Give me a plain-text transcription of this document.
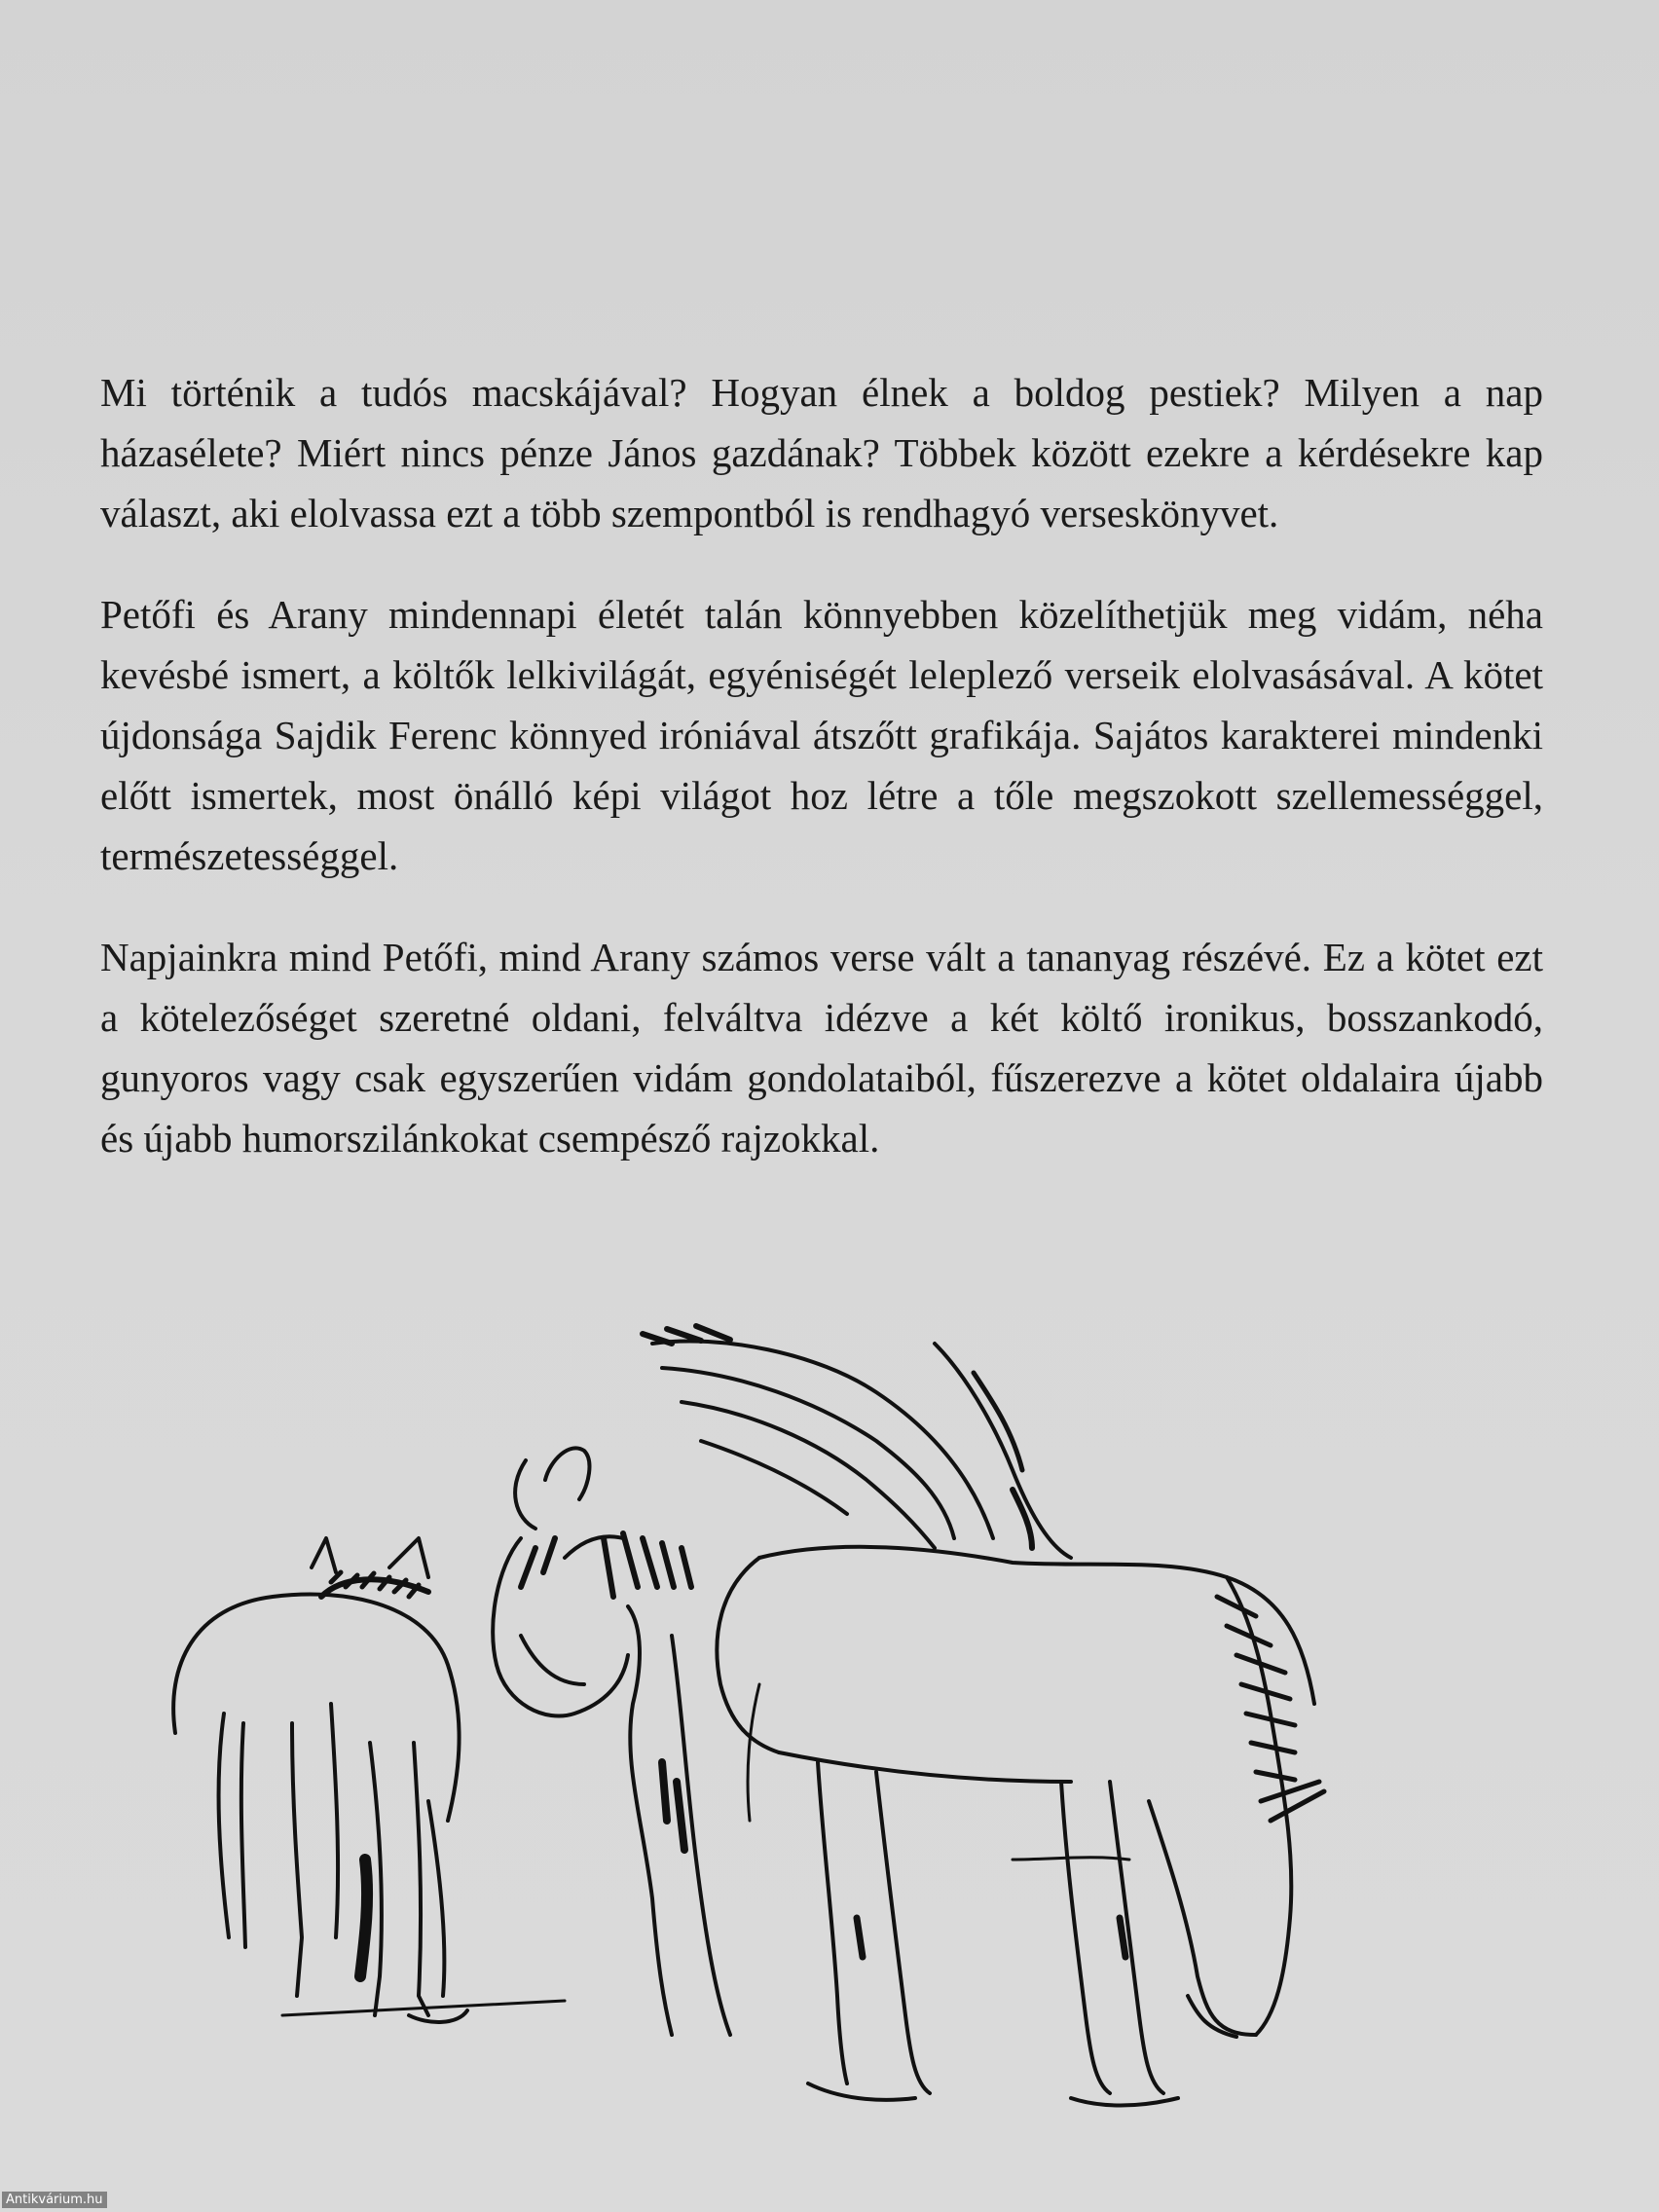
Mi történik a tudós macskájával? Hogyan élnek a boldog pestiek? Milyen a nap házasélete? Miért nincs pénze János gazdának? Többek között ezekre a kérdésekre kap választ, aki elolvassa ezt a több szempontból is rendhagyó verseskönyvet.

Petőfi és Arany mindennapi életét talán könnyebben közelíthetjük meg vidám, néha kevésbé ismert, a költők lelkivilágát, egyéniségét leleplező verseik elolvasásával. A kötet újdonsága Sajdik Ferenc könnyed iróniával átszőtt grafikája. Sajátos karakterei mindenki előtt ismertek, most önálló képi világot hoz létre a tőle megszokott szellemességgel, természetességgel.

Napjainkra mind Petőfi, mind Arany számos verse vált a tananyag részévé. Ez a kötet ezt a kötelezőséget szeretné oldani, felváltva idézve a két költő ironikus, bosszankodó, gunyoros vagy csak egyszerűen vidám gondolataiból, fűszerezve a kötet oldalaira újabb és újabb humorszilánkokat csempésző rajzokkal.

Antikvárium.hu
